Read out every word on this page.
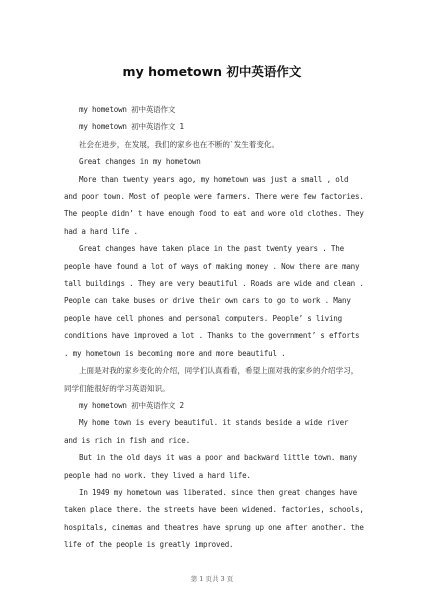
my hometown 初中英语作文

my hometown 初中英语作文

my hometown 初中英语作文 1

社会在进步，在发展，我们的家乡也在不断的`发生着变化。

Great changes in my hometown

More than twenty years ago, my hometown was just a small , old and poor town. Most of people were farmers. There were few factories. The people didn’ t have enough food to eat and wore old clothes. They had a hard life .

Great changes have taken place in the past twenty years . The people have found a lot of ways of making money . Now there are many tall buildings . They are very beautiful . Roads are wide and clean . People can take buses or drive their own cars to go to work . Many people have cell phones and personal computers. People’ s living conditions have improved a lot . Thanks to the government’ s efforts . my hometown is becoming more and more beautiful .

上面是对我的家乡变化的介绍，同学们认真看看，希望上面对我的家乡的介绍学习，同学们能很好的学习英语知识。

my hometown 初中英语作文 2

My home town is every beautiful. it stands beside a wide river and is rich in fish and rice.

But in the old days it was a poor and backward little town. many people had no work. they lived a hard life.

In 1949 my hometown was liberated. since then great changes have taken place there. the streets have been widened. factories, schools, hospitals, cinemas and theatres have sprung up one after another. the life of the people is greatly improved.

第 1 页共 3 页
